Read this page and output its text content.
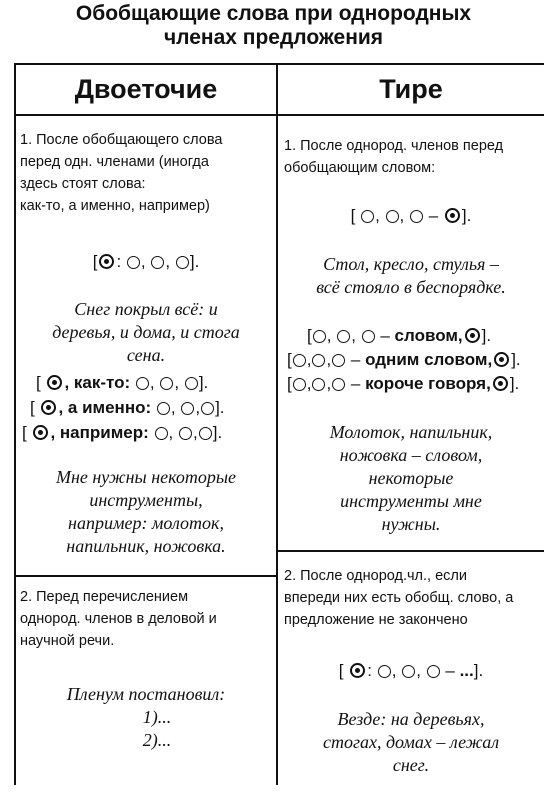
Обобщающие слова при однородных
членах предложения
Двоеточие	Тире
1. После обобщающего слова
перед одн. членами (иногда
здесь стоят слова:
как-то, а именно, например)
[ : , , ].
Снег покрыл всё: и
деревья, и дома, и стога
сена.
[ , как-то: , , ].
[ , а именно: , , ].
[ , например: , , ].
Мне нужны некоторые
инструменты,
например: молоток,
напильник, ножовка.
2. Перед перечислением
однород. членов в деловой и
научной речи.
Пленум постановил:
1)...
2)...
1. После однород. членов перед
обобщающим словом:
[ , ,  – ].
Стол, кресло, стулья –
всё стояло в беспорядке.
[ , ,  – словом, ].
[ , , – одним словом, ].
[ , , – короче говоря, ].
Молоток, напильник,
ножовка – словом,
некоторые
инструменты мне
нужны.
2. После однород.чл., если
впереди них есть обобщ. слово, а
предложение не закончено
[ : , ,  – ...].
Везде: на деревьях,
стогах, домах – лежал
снег.
